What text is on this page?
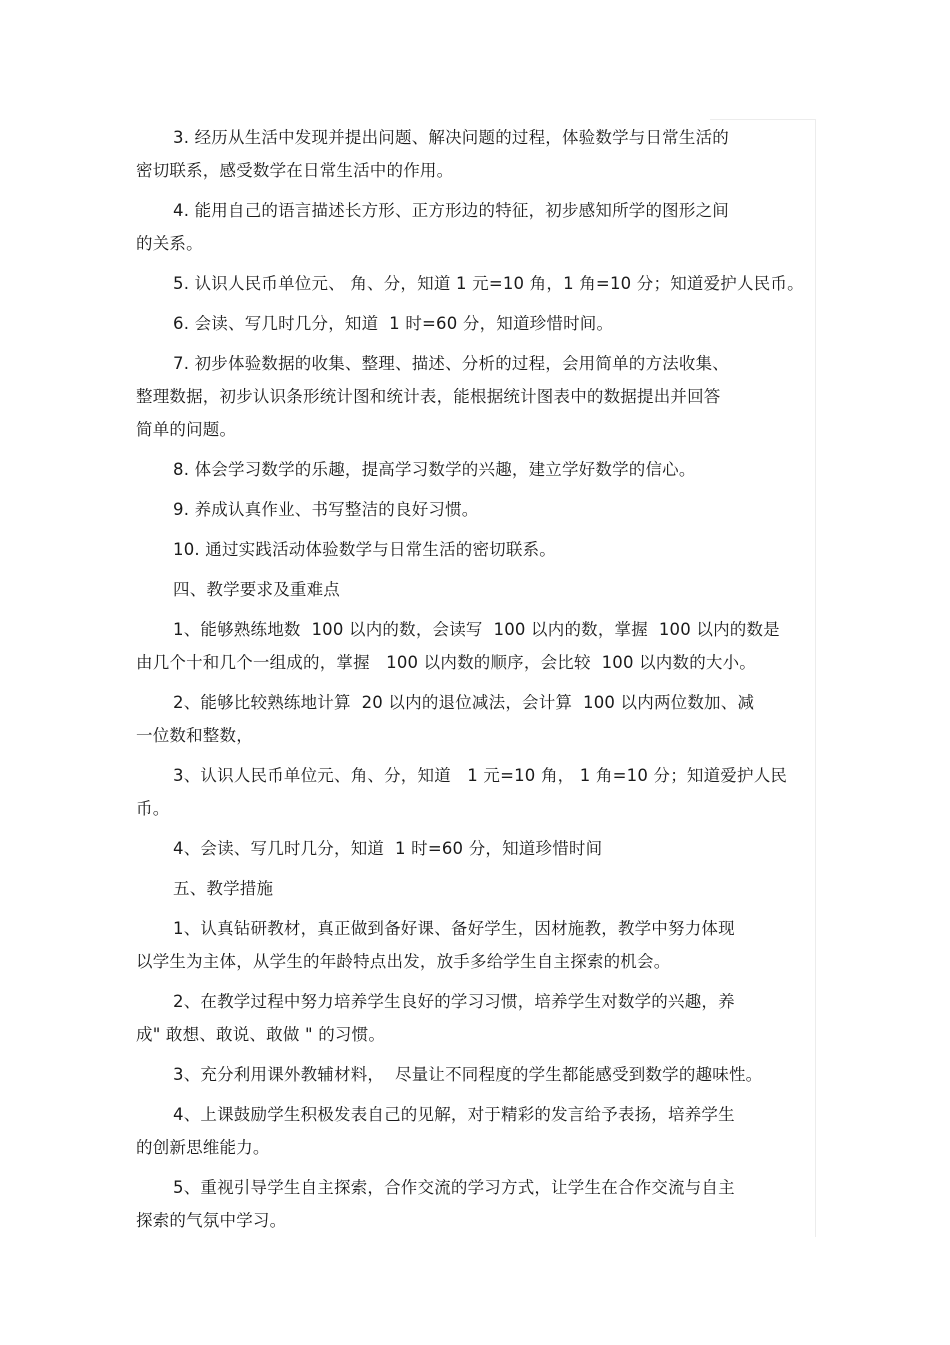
3. 经历从生活中发现并提出问题、解决问题的过程，体验数学与日常生活的
密切联系，感受数学在日常生活中的作用。
4. 能用自己的语言描述长方形、正方形边的特征，初步感知所学的图形之间
的关系。
5. 认识人民币单位元、 角、分，知道 1 元=10 角，1 角=10 分；知道爱护人民币。
6. 会读、写几时几分，知道  1 时=60 分，知道珍惜时间。
7. 初步体验数据的收集、整理、描述、分析的过程，会用简单的方法收集、
整理数据，初步认识条形统计图和统计表，能根据统计图表中的数据提出并回答
简单的问题。
8. 体会学习数学的乐趣，提高学习数学的兴趣，建立学好数学的信心。
9. 养成认真作业、书写整洁的良好习惯。
10. 通过实践活动体验数学与日常生活的密切联系。
四、教学要求及重难点
1、能够熟练地数  100 以内的数，会读写  100 以内的数，掌握  100 以内的数是
由几个十和几个一组成的，掌握   100 以内数的顺序，会比较  100 以内数的大小。
2、能够比较熟练地计算  20 以内的退位减法，会计算  100 以内两位数加、减
一位数和整数，
3、认识人民币单位元、角、分，知道   1 元=10 角， 1 角=10 分；知道爱护人民
币。
4、会读、写几时几分，知道  1 时=60 分，知道珍惜时间
五、教学措施
1、认真钻研教材，真正做到备好课、备好学生，因材施教，教学中努力体现
以学生为主体，从学生的年龄特点出发，放手多给学生自主探索的机会。
2、在教学过程中努力培养学生良好的学习习惯，培养学生对数学的兴趣，养
成" 敢想、敢说、敢做 " 的习惯。
3、充分利用课外教辅材料，  尽量让不同程度的学生都能感受到数学的趣味性。
4、上课鼓励学生积极发表自己的见解，对于精彩的发言给予表扬，培养学生
的创新思维能力。
5、重视引导学生自主探索，合作交流的学习方式，让学生在合作交流与自主
探索的气氛中学习。
